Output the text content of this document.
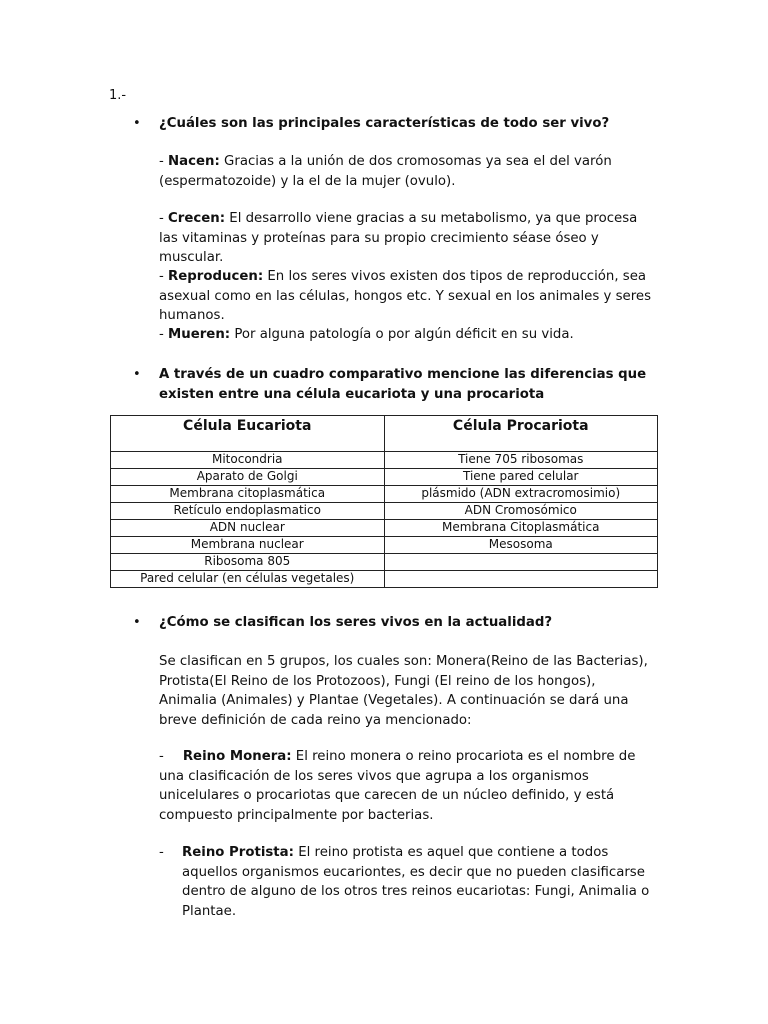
1.-
• ¿Cuáles son las principales características de todo ser vivo?
- Nacen: Gracias a la unión de dos cromosomas ya sea el del varón (espermatozoide) y la el de la mujer (ovulo).
- Crecen: El desarrollo viene gracias a su metabolismo, ya que procesa las vitaminas y proteínas para su propio crecimiento séase óseo y muscular.
- Reproducen: En los seres vivos existen dos tipos de reproducción, sea asexual como en las células, hongos etc. Y sexual en los animales y seres humanos.
- Mueren: Por alguna patología o por algún déficit en su vida.
• A través de un cuadro comparativo mencione las diferencias que existen entre una célula eucariota y una procariota
Célula Eucariota	Célula Procariota
Mitocondria	Tiene 705 ribosomas
Aparato de Golgi	Tiene pared celular
Membrana citoplasmática	plásmido (ADN extracromosimio)
Retículo endoplasmatico	ADN Cromosómico
ADN nuclear	Membrana Citoplasmática
Membrana nuclear	Mesosoma
Ribosoma 805	
Pared celular (en células vegetales)	
• ¿Cómo se clasifican los seres vivos en la actualidad?
Se clasifican en 5 grupos, los cuales son: Monera(Reino de las Bacterias), Protista(El Reino de los Protozoos), Fungi (El reino de los hongos), Animalia (Animales) y Plantae (Vegetales). A continuación se dará una breve definición de cada reino ya mencionado:
- Reino Monera: El reino monera o reino procariota es el nombre de una clasificación de los seres vivos que agrupa a los organismos unicelulares o procariotas que carecen de un núcleo definido, y está compuesto principalmente por bacterias.
-	Reino Protista: El reino protista es aquel que contiene a todos aquellos organismos eucariontes, es decir que no pueden clasificarse dentro de alguno de los otros tres reinos eucariotas: Fungi, Animalia o Plantae.
